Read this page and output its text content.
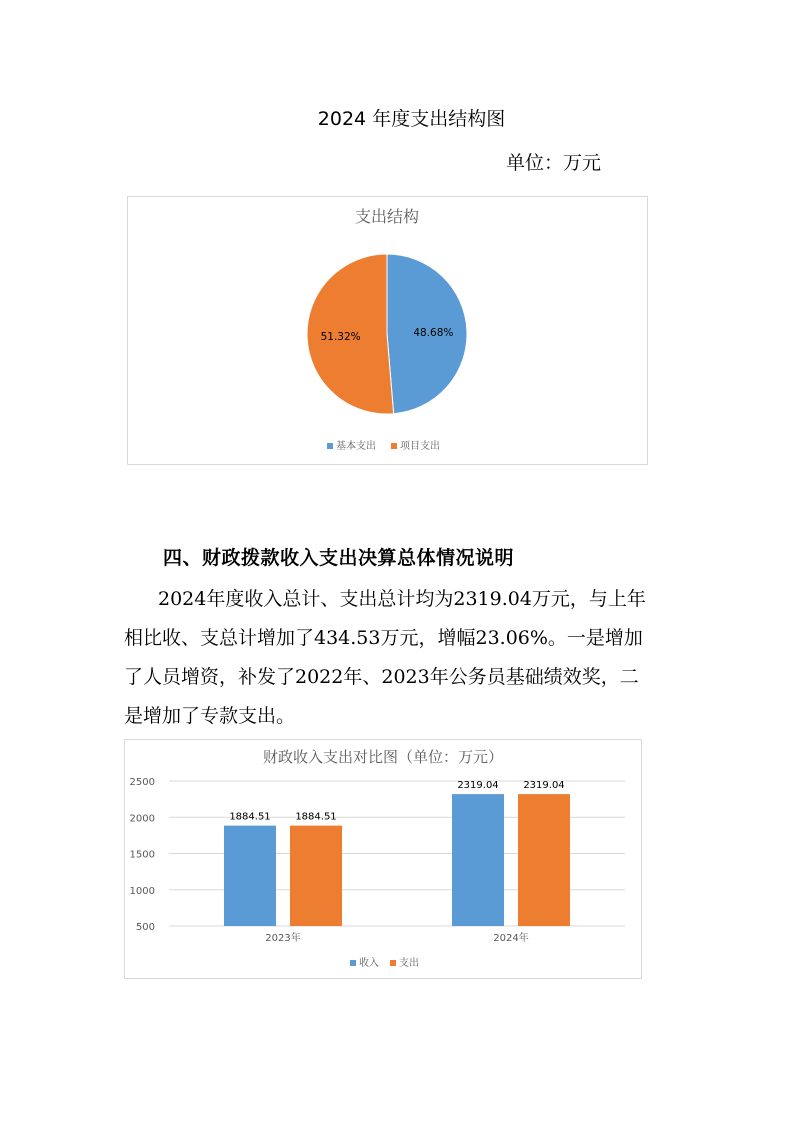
2024 年度支出结构图
单位：万元
支出结构
48.68%
51.32%
基本支出 项目支出
四、财政拨款收入支出决算总体情况说明
2024年度收入总计、支出总计均为2319.04万元，与上年
相比收、支总计增加了434.53万元，增幅23.06%。一是增加
了人员增资，补发了2022年、2023年公务员基础绩效奖，二
是增加了专款支出。
财政收入支出对比图（单位：万元）
500
1000
1500
2000
2500
1884.51 1884.51
2023年
2319.04 2319.04
2024年
收入 支出
